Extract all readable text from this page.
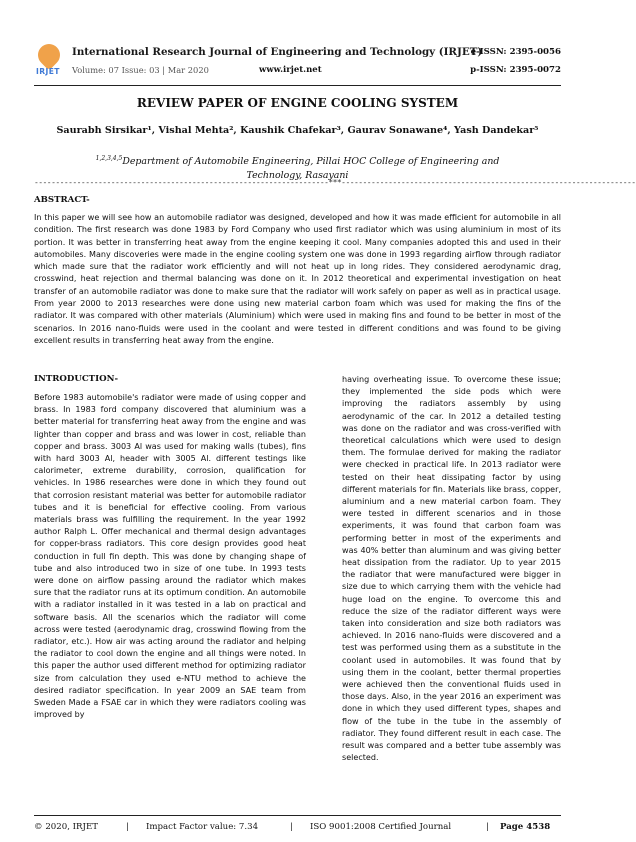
IRJET
International Research Journal of Engineering and Technology (IRJET)
Volume: 07 Issue: 03 | Mar 2020	www.irjet.net
e-ISSN: 2395-0056
p-ISSN: 2395-0072
REVIEW PAPER OF ENGINE COOLING SYSTEM
Saurabh Sirsikar¹, Vishal Mehta², Kaushik Chafekar³, Gaurav Sonawane⁴, Yash Dandekar⁵
$^{1,2,3,4,5}$Department of Automobile Engineering, Pillai HOC College of Engineering and Technology, Rasayani
---------------------------------------------------------------------***---------------------------------------------------------------------
ABSTRACT-
In this paper we will see how an automobile radiator was designed, developed and how it was made efficient for automobile in all condition. The first research was done 1983 by Ford Company who used first radiator which was using aluminium in most of its portion. It was better in transferring heat away from the engine keeping it cool. Many companies adopted this and used in their automobiles. Many discoveries were made in the engine cooling system one was done in 1993 regarding airflow through radiator which made sure that the radiator work efficiently and will not heat up in long rides. They considered aerodynamic drag, crosswind, heat rejection and thermal balancing was done on it. In 2012 theoretical and experimental investigation on heat transfer of an automobile radiator was done to make sure that the radiator will work safely on paper as well as in practical usage. From year 2000 to 2013 researches were done using new material carbon foam which was used for making the fins of the radiator. It was compared with other materials (Aluminium) which were used in making fins and found to be better in most of the scenarios. In 2016 nano-fluids were used in the coolant and were tested in different conditions and was found to be giving excellent results in transferring heat away from the engine.
INTRODUCTION-
Before 1983 automobile's radiator were made of using copper and brass. In 1983 ford company discovered that aluminium was a better material for transferring heat away from the engine and was lighter than copper and brass and was lower in cost, reliable than copper and brass. 3003 Al was used for making walls (tubes), fins with hard 3003 Al, header with 3005 Al. different testings like calorimeter, extreme durability, corrosion, qualification for vehicles. In 1986 researches were done in which they found out that corrosion resistant material was better for automobile radiator tubes and it is beneficial for effective cooling. From various materials brass was fulfilling the requirement. In the year 1992 author Ralph L. Offer mechanical and thermal design advantages for copper-brass radiators. This core design provides good heat conduction in full fin depth. This was done by changing shape of tube and also introduced two in size of one tube. In 1993 tests were done on airflow passing around the radiator which makes sure that the radiator runs at its optimum condition. An automobile with a radiator installed in it was tested in a lab on practical and software basis. All the scenarios which the radiator will come across were tested (aerodynamic drag, crosswind flowing from the radiator, etc.). How air was acting around the radiator and helping the radiator to cool down the engine and all things were noted. In this paper the author used different method for optimizing radiator size from calculation they used e-NTU method to achieve the desired radiator specification. In year 2009 an SAE team from Sweden Made a FSAE car in which they were radiators cooling was improved by
having overheating issue. To overcome these issue; they implemented the side pods which were improving the radiators assembly by using aerodynamic of the car. In 2012 a detailed testing was done on the radiator and was cross-verified with theoretical calculations which were used to design them. The formulae derived for making the radiator were checked in practical life. In 2013 radiator were tested on their heat dissipating factor by using different materials for fin. Materials like brass, copper, aluminium and a new material carbon foam. They were tested in different scenarios and in those experiments, it was found that carbon foam was performing better in most of the experiments and was 40% better than aluminum and was giving better heat dissipation from the radiator. Up to year 2015 the radiator that were manufactured were bigger in size due to which carrying them with the vehicle had huge load on the engine. To overcome this and reduce the size of the radiator different ways were taken into consideration and size both radiators was achieved. In 2016 nano-fluids were discovered and a test was performed using them as a substitute in the coolant used in automobiles. It was found that by using them in the coolant, better thermal properties were achieved then the conventional fluids used in those days. Also, in the year 2016 an experiment was done in which they used different types, shapes and flow of the tube in the tube in the assembly of radiator. They found different result in each case. The result was compared and a better tube assembly was selected.
© 2020, IRJET	| Impact Factor value: 7.34	| ISO 9001:2008 Certified Journal	| Page 4538
